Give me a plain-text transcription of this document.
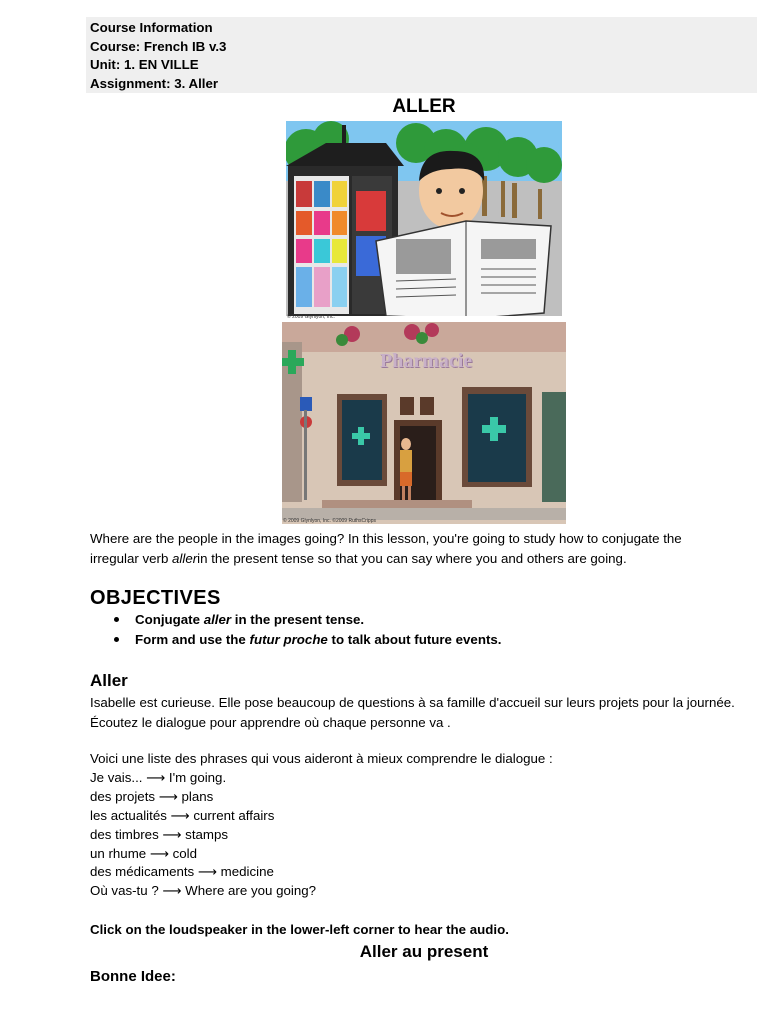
Course Information
Course: French IB v.3
Unit: 1. EN VILLE
Assignment: 3. Aller
ALLER
© 2009 Glynlyon, Inc.
Pharmacie
© 2009 Glynlyon, Inc. ©2009 RuthsCripps
Where are the people in the images going? In this lesson, you're going to study how to conjugate the
irregular verb allerin the present tense so that you can say where you and others are going.
OBJECTIVES
Conjugate aller in the present tense.
Form and use the futur proche to talk about future events.
Aller
Isabelle est curieuse. Elle pose beaucoup de questions à sa famille d'accueil sur leurs projets pour la journée.
Écoutez le dialogue pour apprendre où chaque personne va .
Voici une liste des phrases qui vous aideront à mieux comprendre le dialogue :
Je vais... ⟶ I'm going.
des projets ⟶ plans
les actualités ⟶ current affairs
des timbres ⟶ stamps
un rhume ⟶ cold
des médicaments ⟶ medicine
Où vas-tu ? ⟶ Where are you going?
Click on the loudspeaker in the lower-left corner to hear the audio.
Aller au present
Bonne Idee:
